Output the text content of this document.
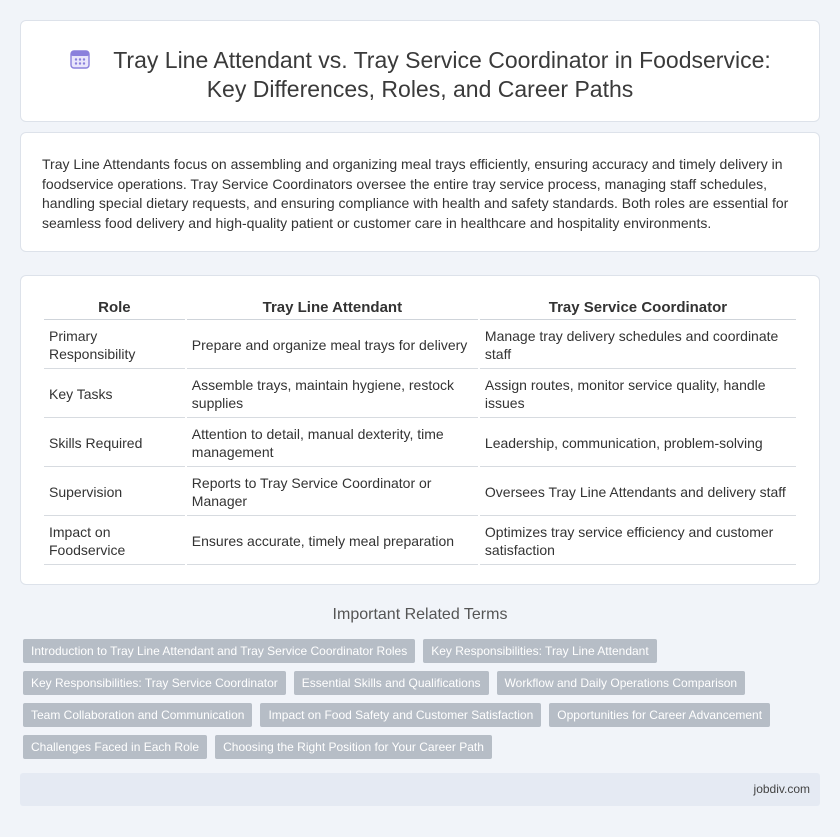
Tray Line Attendant vs. Tray Service Coordinator in Foodservice:
Key Differences, Roles, and Career Paths

Tray Line Attendants focus on assembling and organizing meal trays efficiently, ensuring accuracy and timely delivery in foodservice operations. Tray Service Coordinators oversee the entire tray service process, managing staff schedules, handling special dietary requests, and ensuring compliance with health and safety standards. Both roles are essential for seamless food delivery and high-quality patient or customer care in healthcare and hospitality environments.

Role	Tray Line Attendant	Tray Service Coordinator
Primary Responsibility	Prepare and organize meal trays for delivery	Manage tray delivery schedules and coordinate staff
Key Tasks	Assemble trays, maintain hygiene, restock supplies	Assign routes, monitor service quality, handle issues
Skills Required	Attention to detail, manual dexterity, time management	Leadership, communication, problem-solving
Supervision	Reports to Tray Service Coordinator or Manager	Oversees Tray Line Attendants and delivery staff
Impact on Foodservice	Ensures accurate, timely meal preparation	Optimizes tray service efficiency and customer satisfaction
Important Related Terms
Introduction to Tray Line Attendant and Tray Service Coordinator Roles	Key Responsibilities: Tray Line Attendant
Key Responsibilities: Tray Service Coordinator	Essential Skills and Qualifications	Workflow and Daily Operations Comparison
Team Collaboration and Communication	Impact on Food Safety and Customer Satisfaction	Opportunities for Career Advancement
Challenges Faced in Each Role	Choosing the Right Position for Your Career Path
jobdiv.com
